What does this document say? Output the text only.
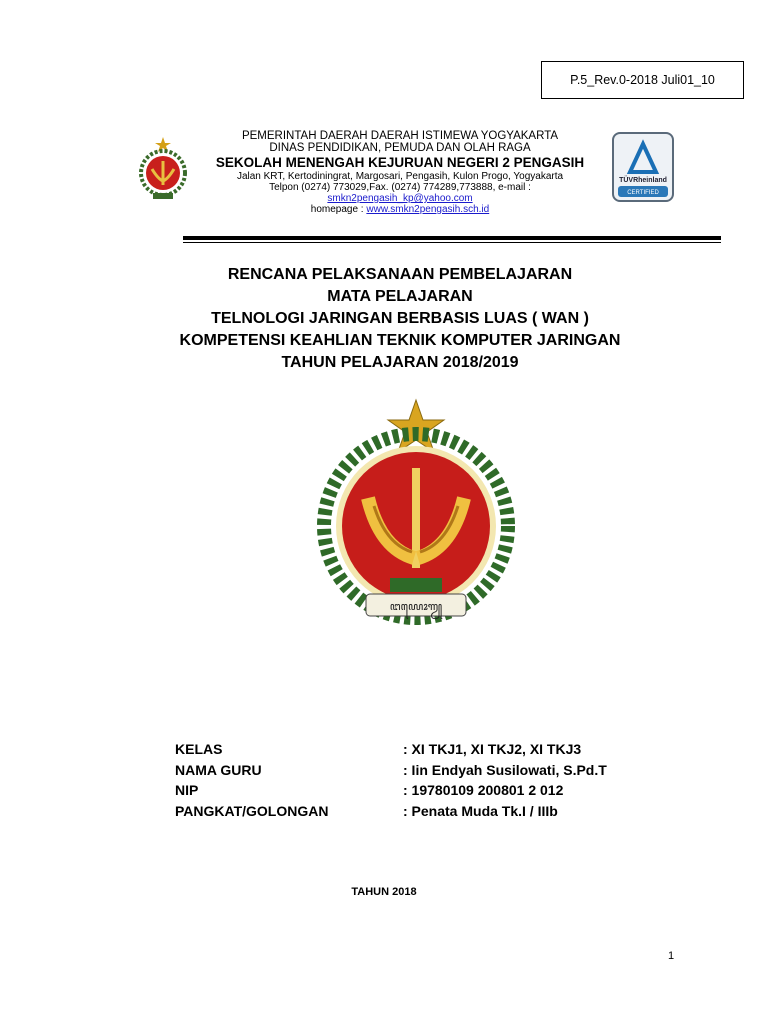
P.5_Rev.0-2018 Juli01_10
PEMERINTAH DAERAH DAERAH ISTIMEWA YOGYAKARTA
DINAS PENDIDIKAN, PEMUDA DAN OLAH RAGA
SEKOLAH MENENGAH KEJURUAN NEGERI 2 PENGASIH
Jalan KRT, Kertodiningrat, Margosari, Pengasih, Kulon Progo, Yogyakarta
Telpon (0274) 773029,Fax. (0274) 774289,773888, e-mail :
smkn2pengasih_kp@yahoo.com
homepage : www.smkn2pengasih.sch.id
TÜVRheinland
CERTIFIED
RENCANA PELAKSANAAN PEMBELAJARAN
MATA PELAJARAN
TELNOLOGI JARINGAN BERBASIS LUAS ( WAN )
KOMPETENSI KEAHLIAN TEKNIK KOMPUTER JARINGAN
TAHUN PELAJARAN 2018/2019
ꦔꦪꦺꦴꦒꦾ
KELAS	: XI TKJ1, XI TKJ2, XI TKJ3
NAMA GURU	: Iin Endyah Susilowati, S.Pd.T
NIP	: 19780109 200801 2 012
PANGKAT/GOLONGAN	: Penata Muda Tk.I / IIIb
TAHUN 2018
1
